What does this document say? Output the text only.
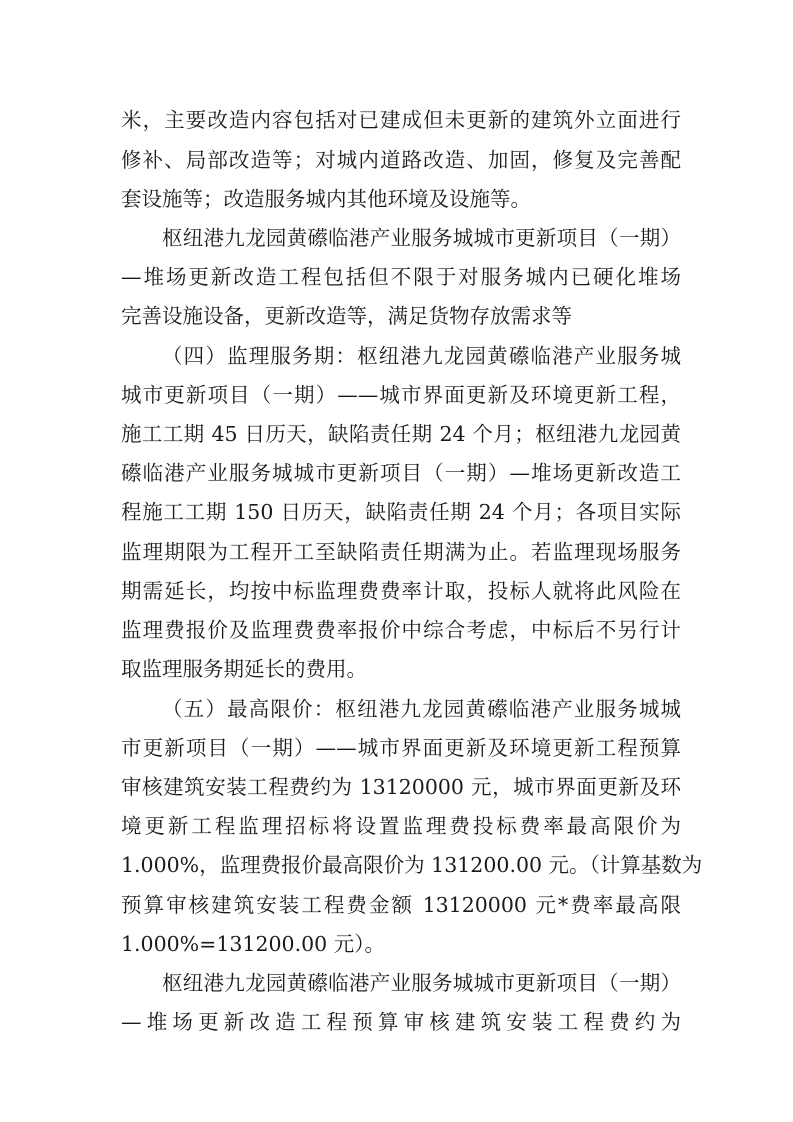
米，主要改造内容包括对已建成但未更新的建筑外立面进行
修补、局部改造等；对城内道路改造、加固，修复及完善配
套设施等；改造服务城内其他环境及设施等。
枢纽港九龙园黄礤临港产业服务城城市更新项目（一期）
—堆场更新改造工程包括但不限于对服务城内已硬化堆场
完善设施设备，更新改造等，满足货物存放需求等
（四）监理服务期：枢纽港九龙园黄礤临港产业服务城
城市更新项目（一期）——城市界面更新及环境更新工程，
施工工期 45 日历天，缺陷责任期 24 个月；枢纽港九龙园黄
礤临港产业服务城城市更新项目（一期）—堆场更新改造工
程施工工期 150 日历天，缺陷责任期 24 个月；各项目实际
监理期限为工程开工至缺陷责任期满为止。若监理现场服务
期需延长，均按中标监理费费率计取，投标人就将此风险在
监理费报价及监理费费率报价中综合考虑，中标后不另行计
取监理服务期延长的费用。
（五）最高限价：枢纽港九龙园黄礤临港产业服务城城
市更新项目（一期）——城市界面更新及环境更新工程预算
审核建筑安装工程费约为 13120000 元，城市界面更新及环
境更新工程监理招标将设置监理费投标费率最高限价为
1.000%，监理费报价最高限价为 131200.00 元。（计算基数为
预算审核建筑安装工程费金额 13120000 元*费率最高限
1.000%=131200.00 元）。
枢纽港九龙园黄礤临港产业服务城城市更新项目（一期）
—堆场更新改造工程预算审核建筑安装工程费约为
